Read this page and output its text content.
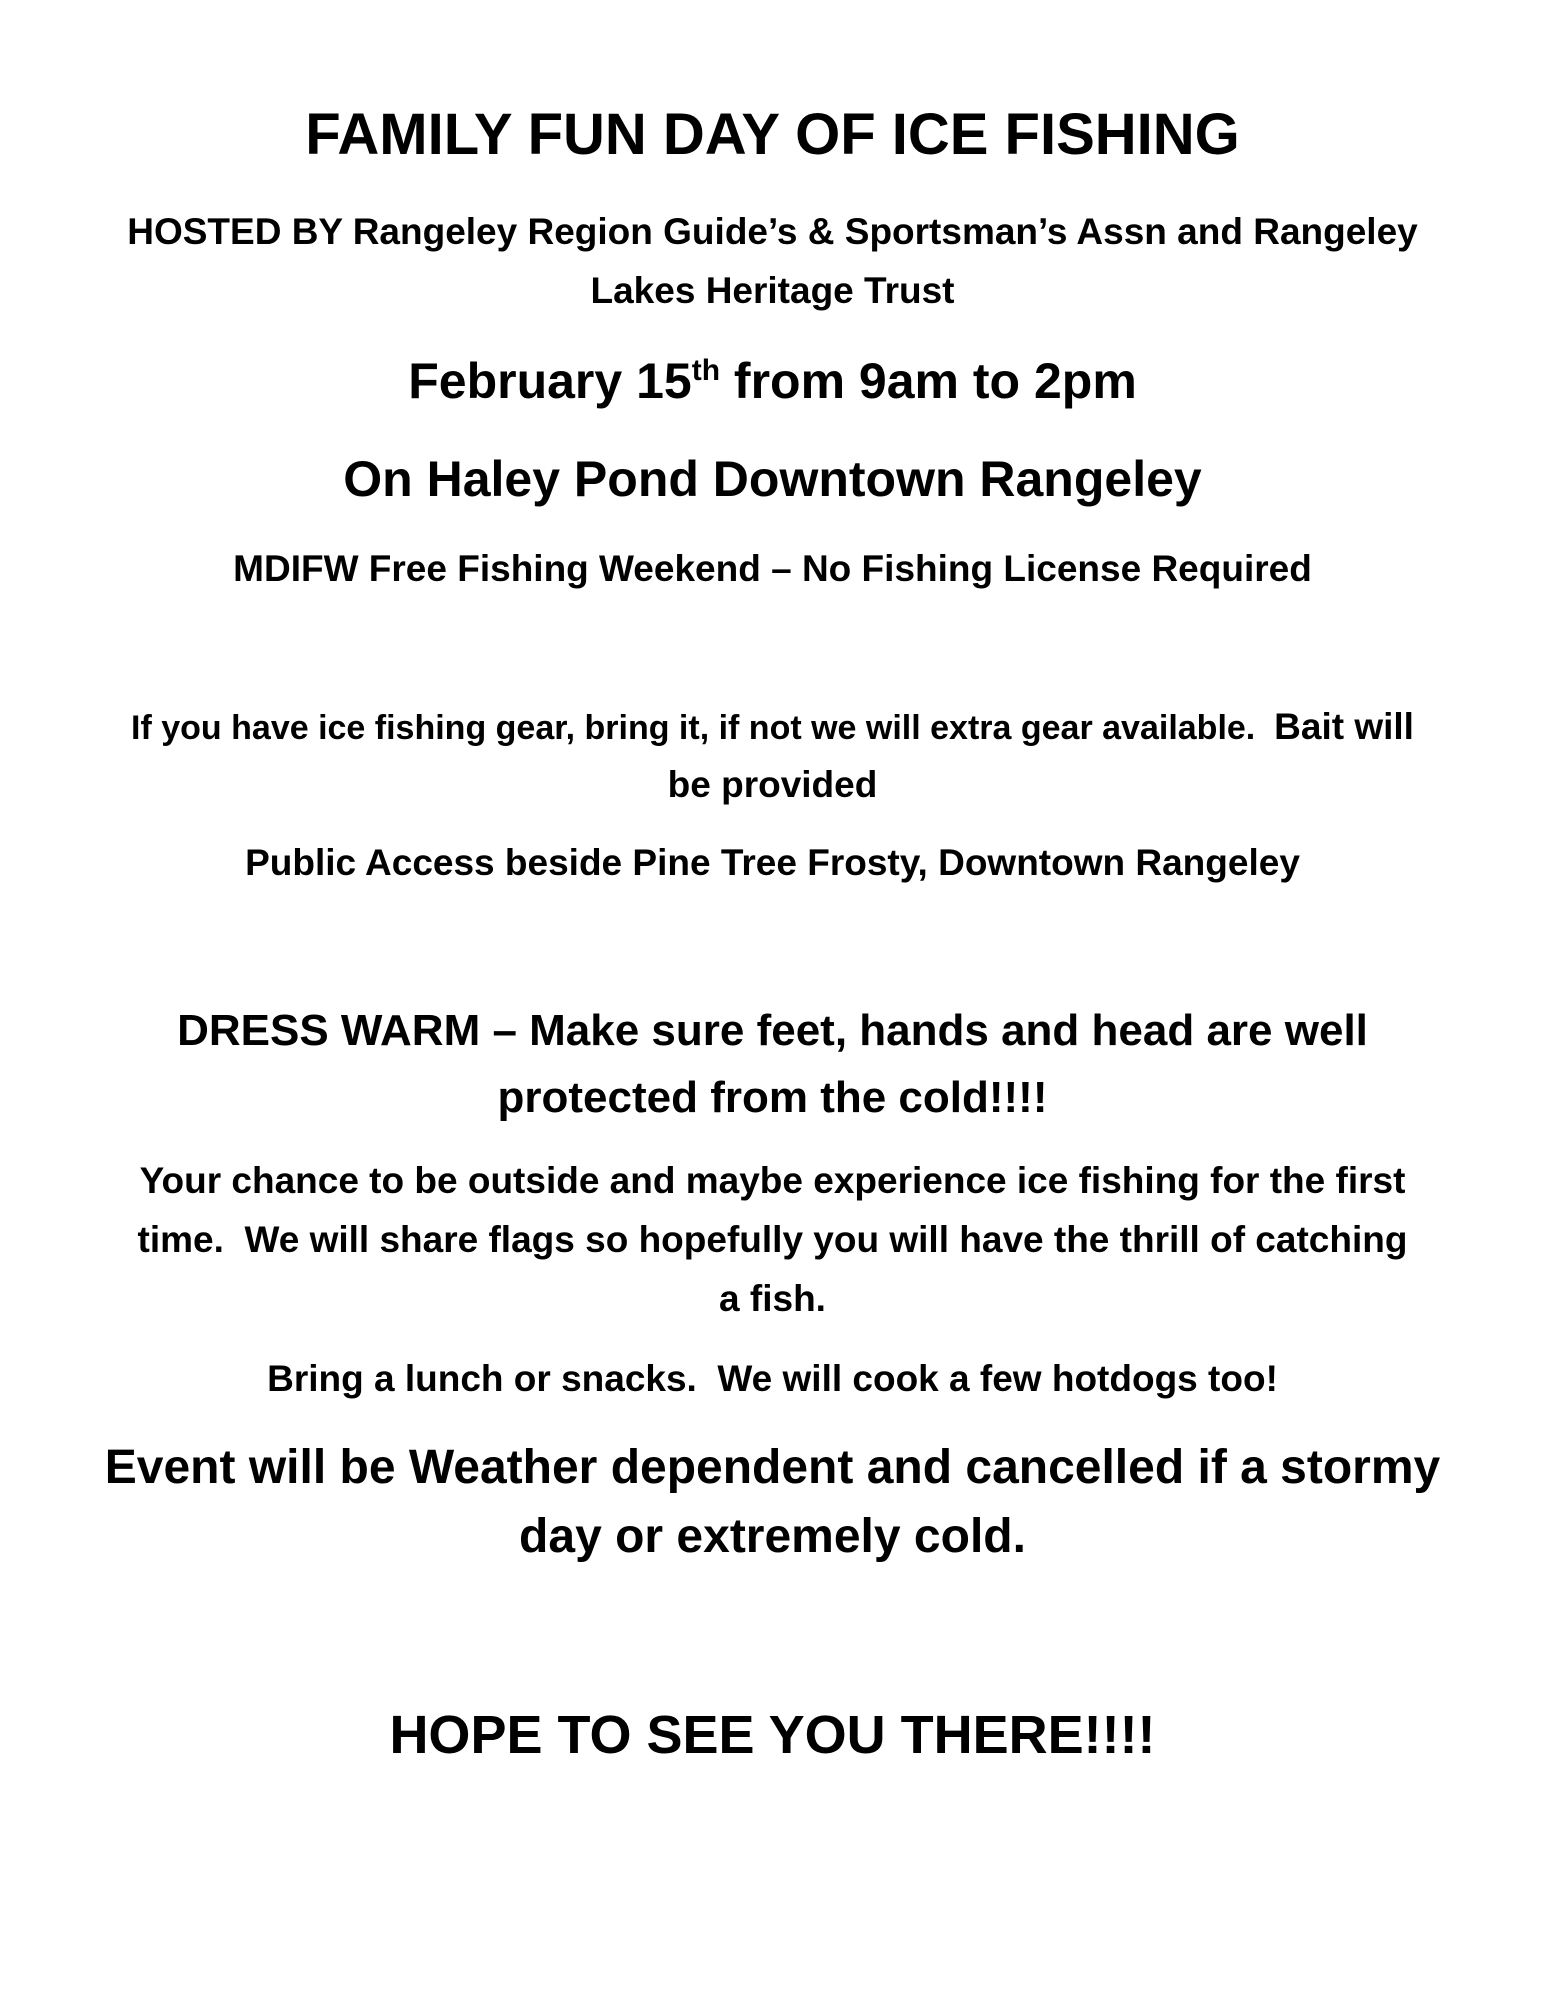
FAMILY FUN DAY OF ICE FISHING

HOSTED BY Rangeley Region Guide’s & Sportsman’s Assn and Rangeley

Lakes Heritage Trust

February 15th from 9am to 2pm

On Haley Pond Downtown Rangeley

MDIFW Free Fishing Weekend – No Fishing License Required

If you have ice fishing gear, bring it, if not we will extra gear available.  Bait will

be provided

Public Access beside Pine Tree Frosty, Downtown Rangeley

DRESS WARM – Make sure feet, hands and head are well

protected from the cold!!!!

Your chance to be outside and maybe experience ice fishing for the first

time.  We will share flags so hopefully you will have the thrill of catching

a fish.

Bring a lunch or snacks.  We will cook a few hotdogs too!

Event will be Weather dependent and cancelled if a stormy

day or extremely cold.

HOPE TO SEE YOU THERE!!!!
